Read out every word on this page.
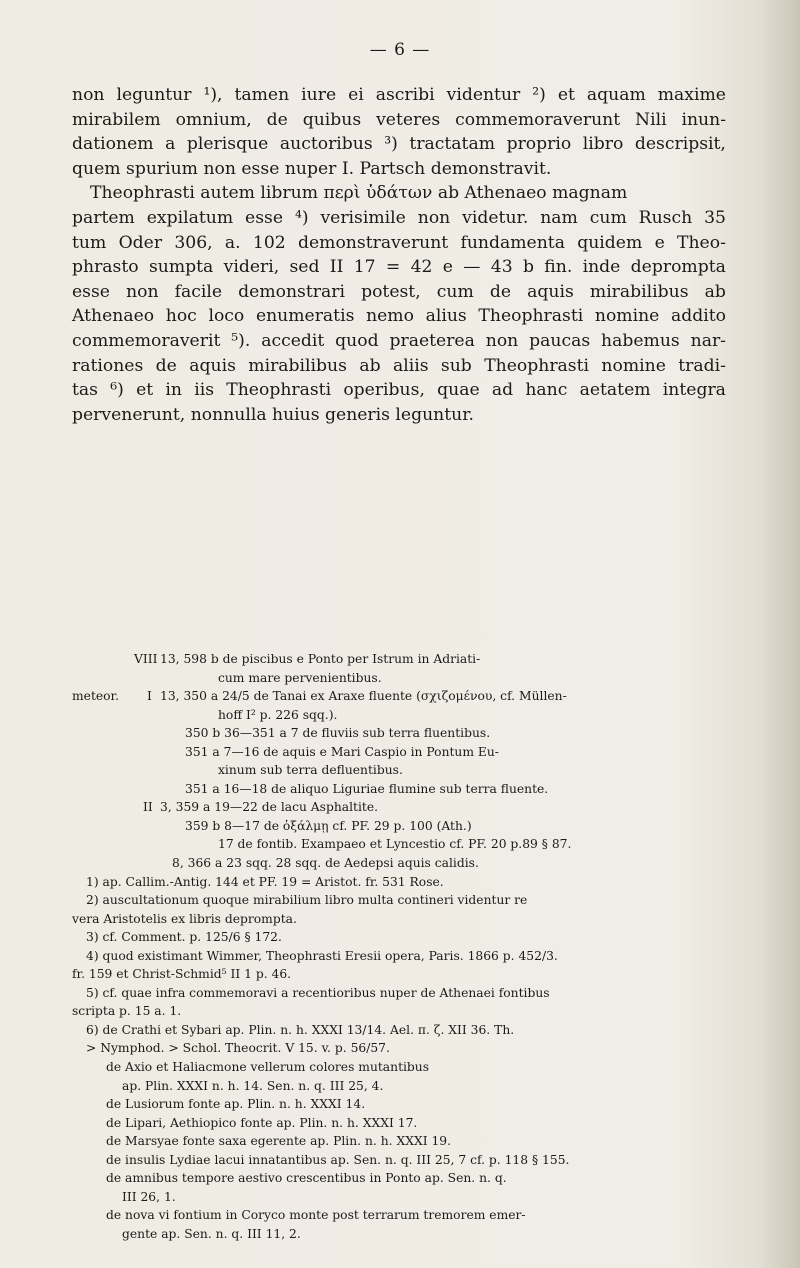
— 6 —
non leguntur ¹), tamen iure ei ascribi videntur ²) et aquam maxime
mirabilem omnium, de quibus veteres commemoraverunt Nili inun-
dationem a plerisque auctoribus ³) tractatam proprio libro descripsit,
quem spurium non esse nuper I. Partsch demonstravit.
Theophrasti autem librum περὶ ὑδάτων ab Athenaeo magnam
partem expilatum esse ⁴) verisimile non videtur. nam cum Rusch 35
tum Oder 306, a. 102 demonstraverunt fundamenta quidem e Theo-
phrasto sumpta videri, sed II 17 = 42 e — 43 b fin. inde deprompta
esse non facile demonstrari potest, cum de aquis mirabilibus ab
Athenaeo hoc loco enumeratis nemo alius Theophrasti nomine addito
commemoraverit ⁵). accedit quod praeterea non paucas habemus nar-
rationes de aquis mirabilibus ab aliis sub Theophrasti nomine tradi-
tas ⁶) et in iis Theophrasti operibus, quae ad hanc aetatem integra
pervenerunt, nonnulla huius generis leguntur.
VIII 13, 598 b de piscibus e Ponto per Istrum in Adriati-
cum mare pervenientibus.
meteor. I 13, 350 a 24/5 de Tanai ex Araxe fluente (σχιζομένου, cf. Müllen-
hoff I² p. 226 sqq.).
350 b 36—351 a 7 de fluviis sub terra fluentibus.
351 a 7—16 de aquis e Mari Caspio in Pontum Eu-
xinum sub terra defluentibus.
351 a 16—18 de aliquo Liguriae flumine sub terra fluente.
II 3, 359 a 19—22 de lacu Asphaltite.
359 b 8—17 de ὀξάλμῃ cf. PF. 29 p. 100 (Ath.)
17 de fontib. Exampaeo et Lyncestio cf. PF. 20 p.89 § 87.
8, 366 a 23 sqq. 28 sqq. de Aedepsi aquis calidis.
1) ap. Callim.-Antig. 144 et PF. 19 = Aristot. fr. 531 Rose.
2) auscultationum quoque mirabilium libro multa contineri videntur re
vera Aristotelis ex libris deprompta.
3) cf. Comment. p. 125/6 § 172.
4) quod existimant Wimmer, Theophrasti Eresii opera, Paris. 1866 p. 452/3.
fr. 159 et Christ-Schmid⁵ II 1 p. 46.
5) cf. quae infra commemoravi a recentioribus nuper de Athenaei fontibus
scripta p. 15 a. 1.
6) de Crathi et Sybari ap. Plin. n. h. XXXI 13/14. Ael. π. ζ. XII 36. Th.
> Nymphod. > Schol. Theocrit. V 15. v. p. 56/57.
de Axio et Haliacmone vellerum colores mutantibus
ap. Plin. XXXI n. h. 14. Sen. n. q. III 25, 4.
de Lusiorum fonte ap. Plin. n. h. XXXI 14.
de Lipari, Aethiopico fonte ap. Plin. n. h. XXXI 17.
de Marsyae fonte saxa egerente ap. Plin. n. h. XXXI 19.
de insulis Lydiae lacui innatantibus ap. Sen. n. q. III 25, 7 cf. p. 118 § 155.
de amnibus tempore aestivo crescentibus in Ponto ap. Sen. n. q.
III 26, 1.
de nova vi fontium in Coryco monte post terrarum tremorem emer-
gente ap. Sen. n. q. III 11, 2.
